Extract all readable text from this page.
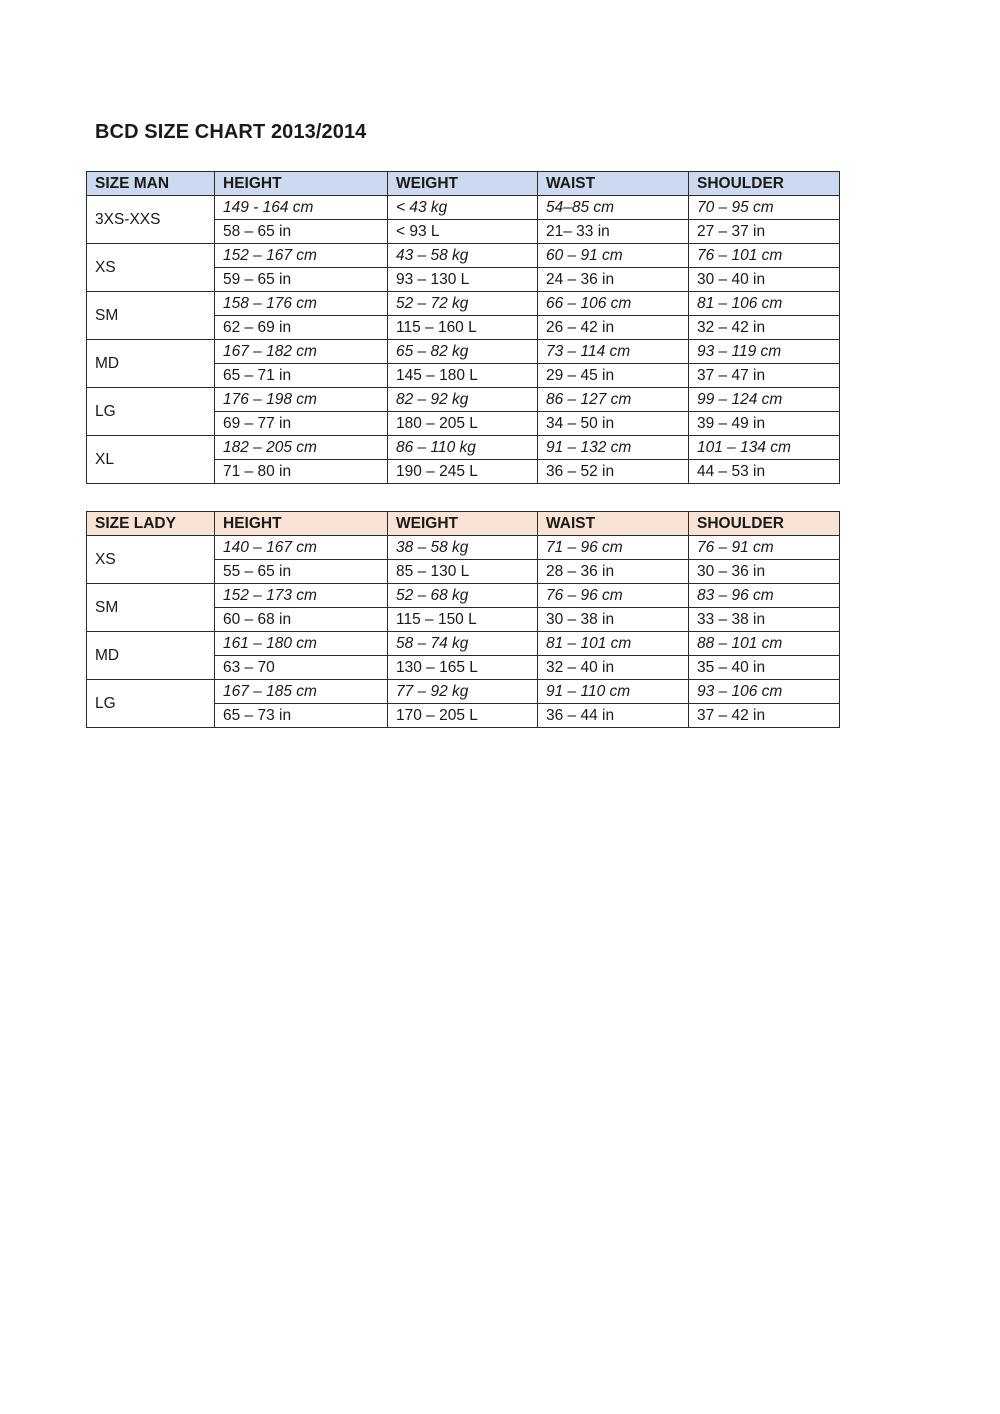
BCD SIZE CHART 2013/2014
SIZE MAN	HEIGHT	WEIGHT	WAIST	SHOULDER
3XS-XXS	149 - 164 cm	< 43 kg	54–85 cm	70 – 95 cm
	58 – 65 in	< 93 L	21– 33 in	27 – 37 in
XS	152 – 167 cm	43 – 58 kg	60 – 91 cm	76 – 101 cm
	59 – 65 in	93 – 130 L	24 – 36 in	30 – 40 in
SM	158 – 176 cm	52 – 72 kg	66 – 106 cm	81 – 106 cm
	62 – 69 in	115 – 160 L	26 – 42 in	32 – 42 in
MD	167 – 182 cm	65 – 82 kg	73 – 114 cm	93 – 119 cm
	65 – 71 in	145 – 180 L	29 – 45 in	37 – 47 in
LG	176 – 198 cm	82 – 92 kg	86 – 127 cm	99 – 124 cm
	69 – 77 in	180 – 205 L	34 – 50 in	39 – 49 in
XL	182 – 205 cm	86 – 110 kg	91 – 132 cm	101 – 134 cm
	71 – 80 in	190 – 245 L	36 – 52 in	44 – 53 in
SIZE LADY	HEIGHT	WEIGHT	WAIST	SHOULDER
XS	140 – 167 cm	38 – 58 kg	71 – 96 cm	76 – 91 cm
	55 – 65 in	85 – 130 L	28 – 36 in	30 – 36 in
SM	152 – 173 cm	52 – 68 kg	76 – 96 cm	83 – 96 cm
	60 – 68 in	115 – 150 L	30 – 38 in	33 – 38 in
MD	161 – 180 cm	58 – 74 kg	81 – 101 cm	88 – 101 cm
	63 – 70	130 – 165 L	32 – 40 in	35 – 40 in
LG	167 – 185 cm	77 – 92 kg	91 – 110 cm	93 – 106 cm
	65 – 73 in	170 – 205 L	36 – 44 in	37 – 42 in
